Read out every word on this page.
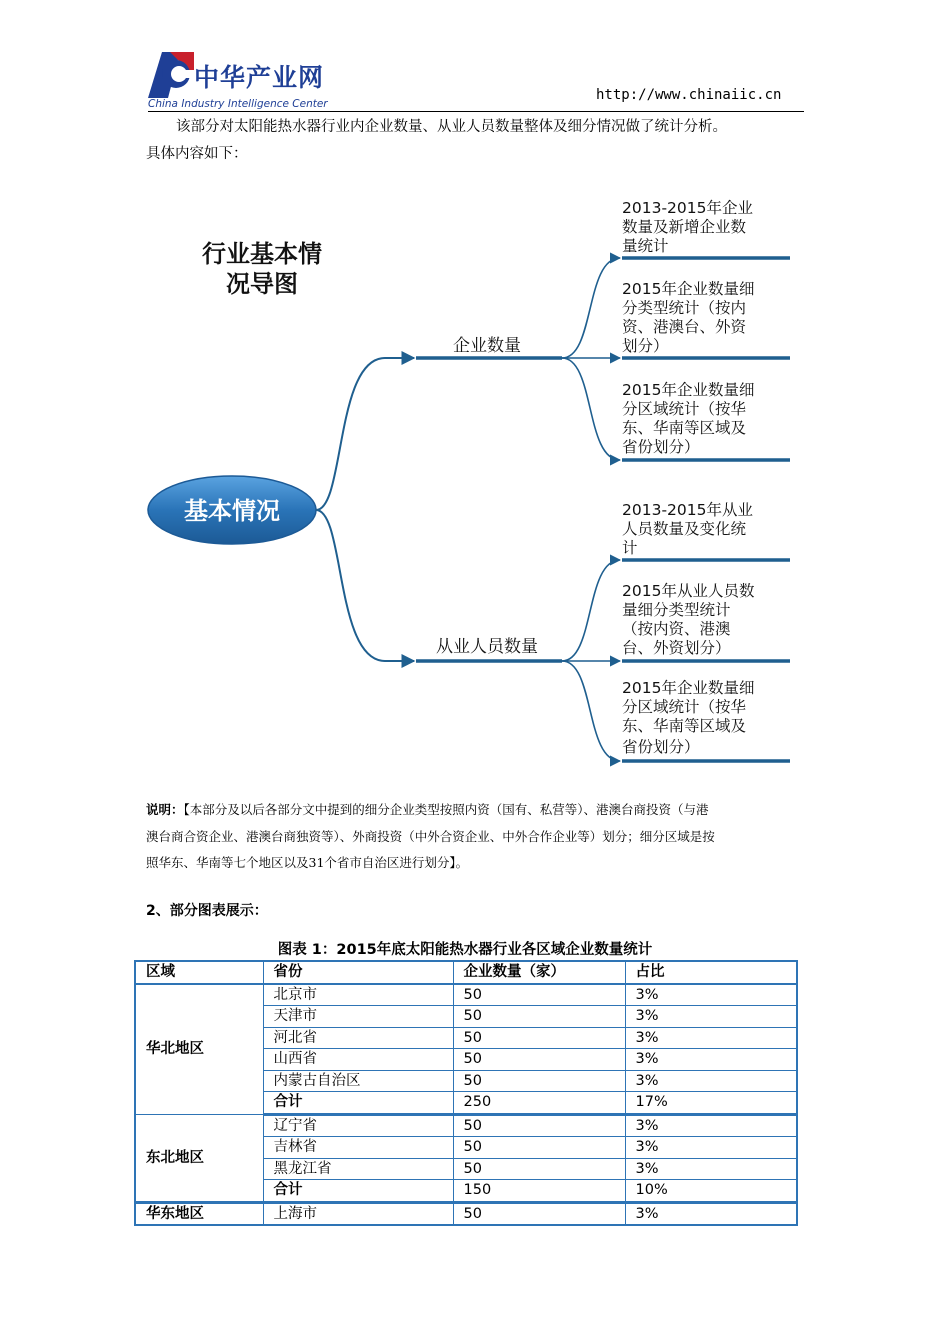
中华产业网
China Industry Intelligence Center
http://www.chinaiic.cn
该部分对太阳能热水器行业内企业数量、从业人员数量整体及细分情况做了统计分析。
具体内容如下：
行业基本情
况导图
基本情况
企业数量
从业人员数量
2013-2015年企业
数量及新增企业数
量统计
2015年企业数量细
分类型统计（按内
资、港澳台、外资
划分）
2015年企业数量细
分区域统计（按华
东、华南等区域及
省份划分）
2013-2015年从业
人员数量及变化统
计
2015年从业人员数
量细分类型统计
（按内资、港澳
台、外资划分）
2015年企业数量细
分区域统计（按华
东、华南等区域及
省份划分）
说明：【本部分及以后各部分文中提到的细分企业类型按照内资（国有、私营等）、港澳台商投资（与港
澳台商合资企业、港澳台商独资等）、外商投资（中外合资企业、中外合作企业等）划分；细分区域是按
照华东、华南等七个地区以及31个省市自治区进行划分】。
2、部分图表展示：
图表 1：2015年底太阳能热水器行业各区域企业数量统计
区域	省份	企业数量（家）	占比
华北地区	北京市	50	3%
	天津市	50	3%
	河北省	50	3%
	山西省	50	3%
	内蒙古自治区	50	3%
	合计	250	17%
东北地区	辽宁省	50	3%
	吉林省	50	3%
	黑龙江省	50	3%
	合计	150	10%
华东地区	上海市	50	3%
